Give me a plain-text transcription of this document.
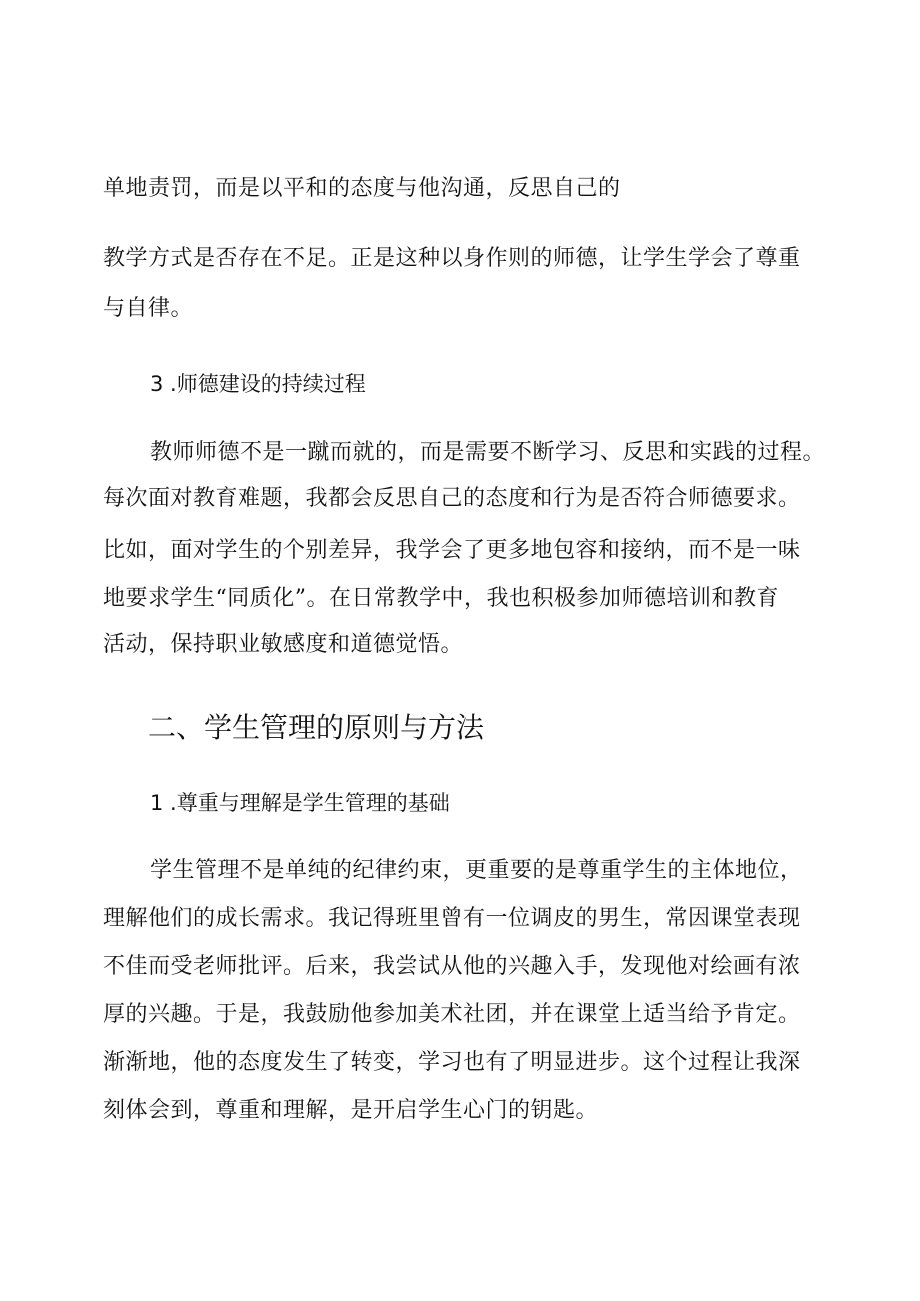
单地责罚，而是以平和的态度与他沟通，反思自己的
教学方式是否存在不足。正是这种以身作则的师德，让学生学会了尊重
与自律。
3 .师德建设的持续过程
教师师德不是一蹴而就的，而是需要不断学习、反思和实践的过程。
每次面对教育难题，我都会反思自己的态度和行为是否符合师德要求。
比如，面对学生的个别差异，我学会了更多地包容和接纳，而不是一味
地要求学生“同质化”。在日常教学中，我也积极参加师德培训和教育
活动，保持职业敏感度和道德觉悟。
二、学生管理的原则与方法
1 .尊重与理解是学生管理的基础
学生管理不是单纯的纪律约束，更重要的是尊重学生的主体地位，
理解他们的成长需求。我记得班里曾有一位调皮的男生，常因课堂表现
不佳而受老师批评。后来，我尝试从他的兴趣入手，发现他对绘画有浓
厚的兴趣。于是，我鼓励他参加美术社团，并在课堂上适当给予肯定。
渐渐地，他的态度发生了转变，学习也有了明显进步。这个过程让我深
刻体会到，尊重和理解，是开启学生心门的钥匙。
